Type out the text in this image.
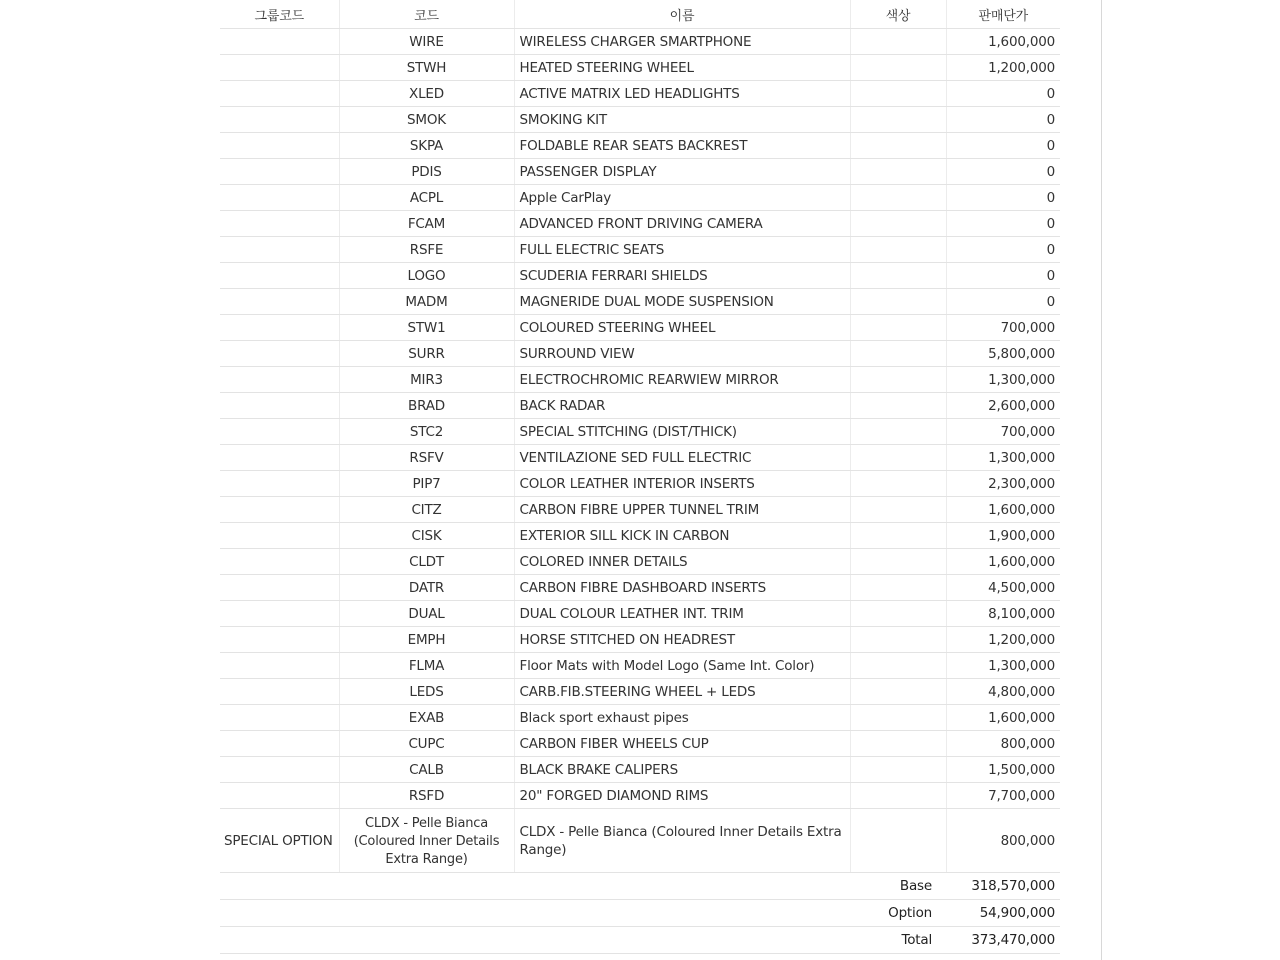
그룹코드	코드	이름	색상	판매단가
	WIRE	WIRELESS CHARGER SMARTPHONE		1,600,000
	STWH	HEATED STEERING WHEEL		1,200,000
	XLED	ACTIVE MATRIX LED HEADLIGHTS		0
	SMOK	SMOKING KIT		0
	SKPA	FOLDABLE REAR SEATS BACKREST		0
	PDIS	PASSENGER DISPLAY		0
	ACPL	Apple CarPlay		0
	FCAM	ADVANCED FRONT DRIVING CAMERA		0
	RSFE	FULL ELECTRIC SEATS		0
	LOGO	SCUDERIA FERRARI SHIELDS		0
	MADM	MAGNERIDE DUAL MODE SUSPENSION		0
	STW1	COLOURED STEERING WHEEL		700,000
	SURR	SURROUND VIEW		5,800,000
	MIR3	ELECTROCHROMIC REARWIEW MIRROR		1,300,000
	BRAD	BACK RADAR		2,600,000
	STC2	SPECIAL STITCHING (DIST/THICK)		700,000
	RSFV	VENTILAZIONE SED FULL ELECTRIC		1,300,000
	PIP7	COLOR LEATHER INTERIOR INSERTS		2,300,000
	CITZ	CARBON FIBRE UPPER TUNNEL TRIM		1,600,000
	CISK	EXTERIOR SILL KICK IN CARBON		1,900,000
	CLDT	COLORED INNER DETAILS		1,600,000
	DATR	CARBON FIBRE DASHBOARD INSERTS		4,500,000
	DUAL	DUAL COLOUR LEATHER INT. TRIM		8,100,000
	EMPH	HORSE STITCHED ON HEADREST		1,200,000
	FLMA	Floor Mats with Model Logo (Same Int. Color)		1,300,000
	LEDS	CARB.FIB.STEERING WHEEL + LEDS		4,800,000
	EXAB	Black sport exhaust pipes		1,600,000
	CUPC	CARBON FIBER WHEELS CUP		800,000
	CALB	BLACK BRAKE CALIPERS		1,500,000
	RSFD	20" FORGED DIAMOND RIMS		7,700,000
SPECIAL OPTION	CLDX - Pelle Bianca (Coloured Inner Details Extra Range)	CLDX - Pelle Bianca (Coloured Inner Details Extra Range)		800,000
Base				318,570,000
Option				54,900,000
Total				373,470,000
